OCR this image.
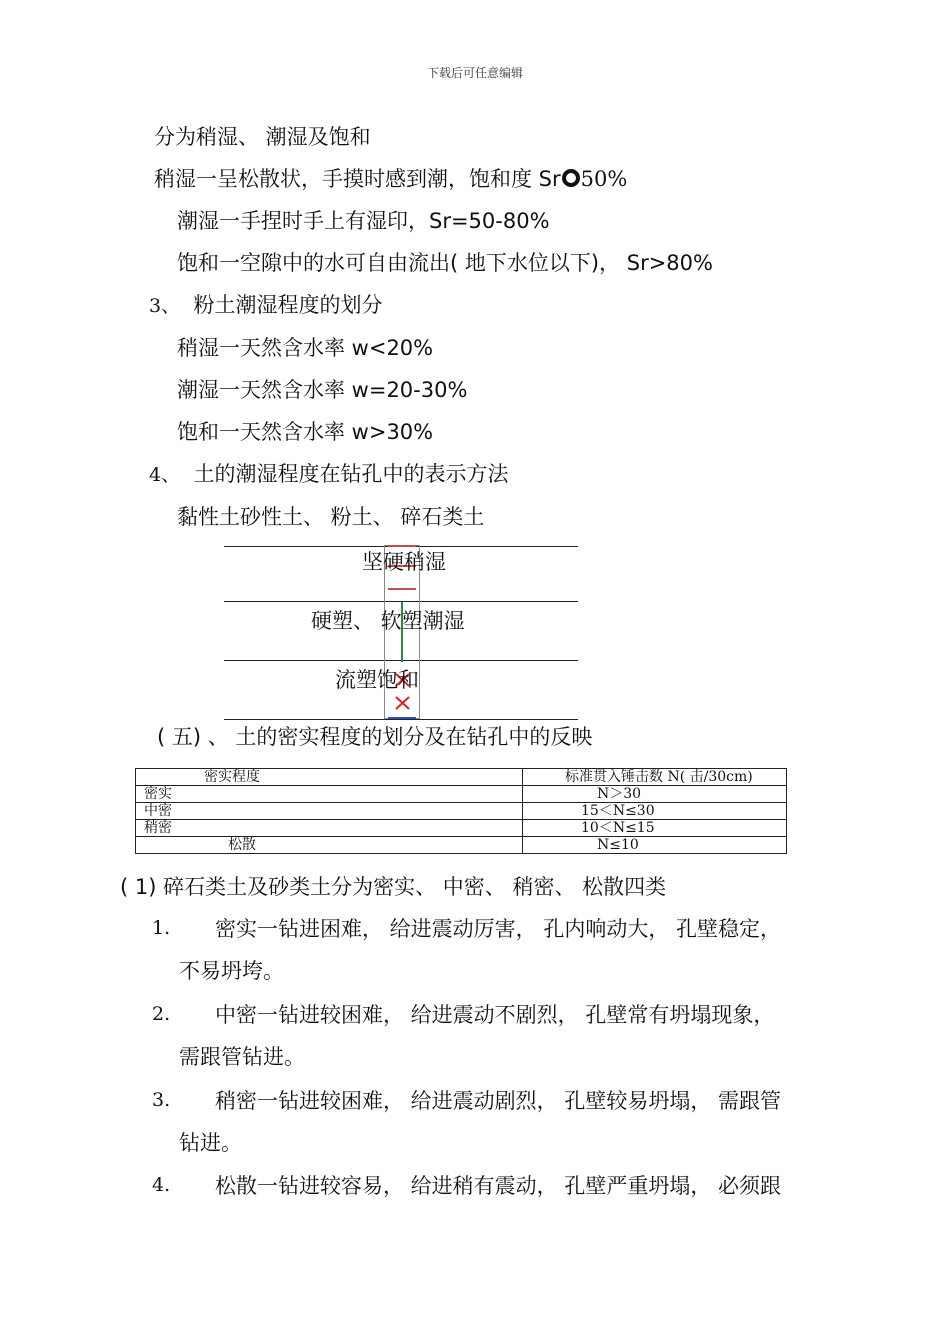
下载后可任意编辑
分为稍湿、 潮湿及饱和
稍湿一呈松散状，手摸时感到潮，饱和度 Sr 50%
潮湿一手捏时手上有湿印，Sr=50-80%
饱和一空隙中的水可自由流出( 地下水位以下)， Sr>80%
3、 粉土潮湿程度的划分
稍湿一天然含水率 w<20%
潮湿一天然含水率 w=20-30%
饱和一天然含水率 w>30%
4、 土的潮湿程度在钻孔中的表示方法
黏性土砂性土、 粉土、 碎石类土
坚硬稍湿
硬塑、 软塑潮湿
流塑饱和
( 五) 、 土的密实程度的划分及在钻孔中的反映
密实程度	标准贯入锤击数 N( 击/30cm)
密实	N＞30
中密	15＜N≤30
稍密	10＜N≤15
松散	N≤10
( 1) 碎石类土及砂类土分为密实、 中密、 稍密、 松散四类
1. 密实一钻进困难， 给进震动厉害， 孔内响动大， 孔壁稳定，
不易坍垮。
2. 中密一钻进较困难， 给进震动不剧烈， 孔壁常有坍塌现象，
需跟管钻进。
3. 稍密一钻进较困难， 给进震动剧烈， 孔壁较易坍塌， 需跟管
钻进。
4. 松散一钻进较容易， 给进稍有震动， 孔壁严重坍塌， 必须跟
